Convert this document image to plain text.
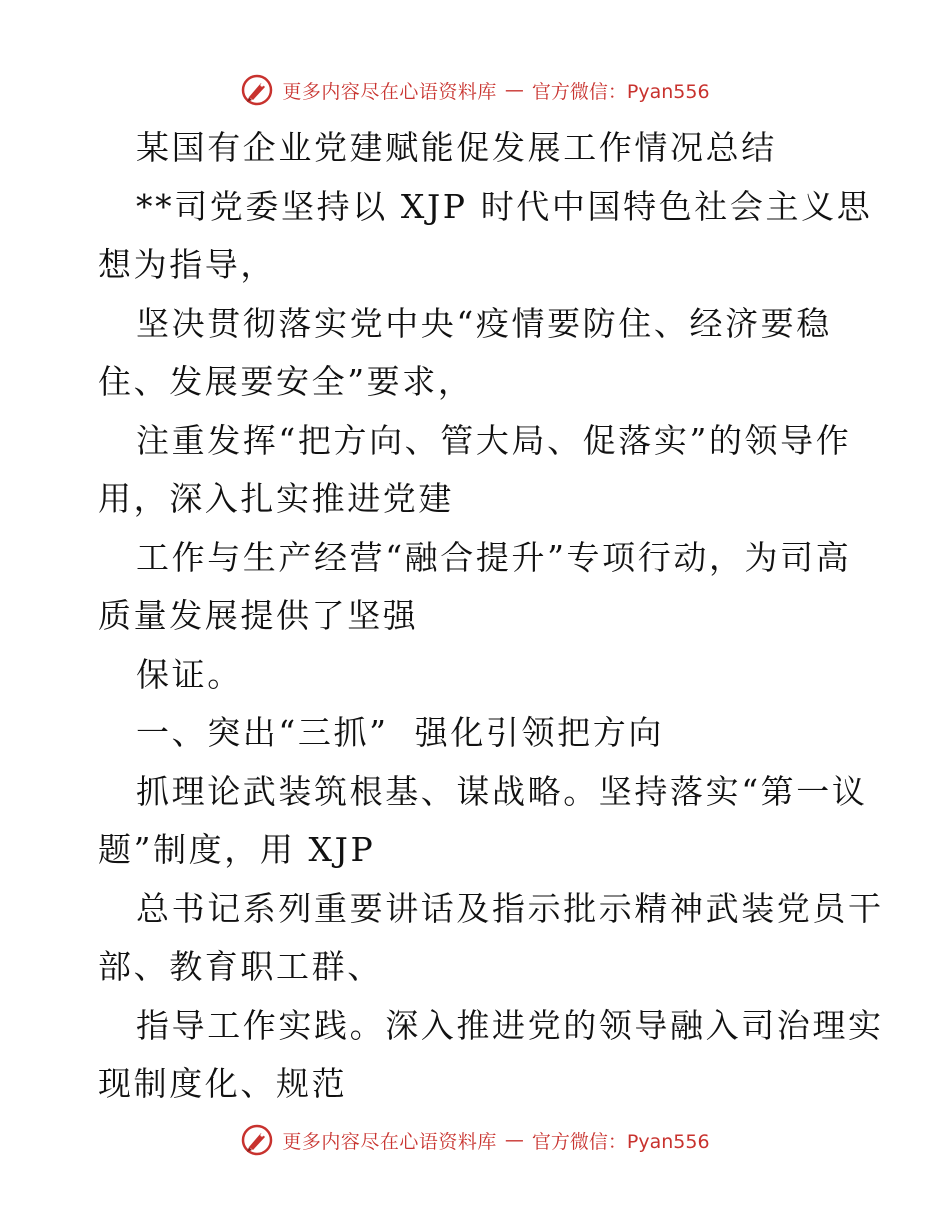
更多内容尽在心语资料库 — 官方微信：Pyan556

某国有企业党建赋能促发展工作情况总结

**司党委坚持以 XJP 时代中国特色社会主义思

想为指导，

坚决贯彻落实党中央“疫情要防住、经济要稳

住、发展要安全”要求，

注重发挥“把方向、管大局、促落实”的领导作

用，深入扎实推进党建

工作与生产经营“融合提升”专项行动，为司高

质量发展提供了坚强

保证。

一、突出“三抓”  强化引领把方向

抓理论武装筑根基、谋战略。坚持落实“第一议

题”制度，用 XJP

总书记系列重要讲话及指示批示精神武装党员干

部、教育职工群、

指导工作实践。深入推进党的领导融入司治理实

现制度化、规范

更多内容尽在心语资料库 — 官方微信：Pyan556
